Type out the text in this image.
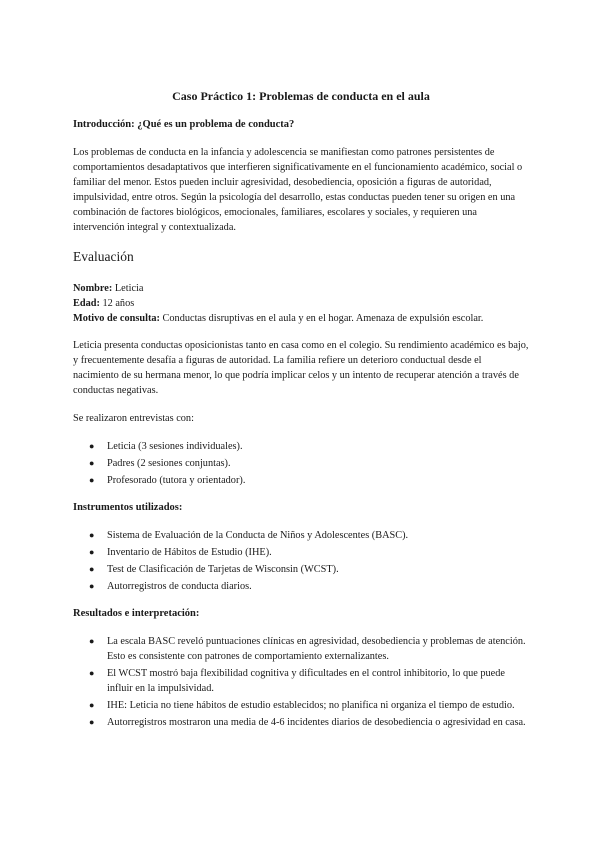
Caso Práctico 1: Problemas de conducta en el aula
Introducción: ¿Qué es un problema de conducta?

Los problemas de conducta en la infancia y adolescencia se manifiestan como patrones persistentes de comportamientos desadaptativos que interfieren significativamente en el funcionamiento académico, social o familiar del menor. Estos pueden incluir agresividad, desobediencia, oposición a figuras de autoridad, impulsividad, entre otros. Según la psicología del desarrollo, estas conductas pueden tener su origen en una combinación de factores biológicos, emocionales, familiares, escolares y sociales, y requieren una intervención integral y contextualizada.

Evaluación
Nombre: Leticia
Edad: 12 años
Motivo de consulta: Conductas disruptivas en el aula y en el hogar. Amenaza de expulsión escolar.

Leticia presenta conductas oposicionistas tanto en casa como en el colegio. Su rendimiento académico es bajo, y frecuentemente desafía a figuras de autoridad. La familia refiere un deterioro conductual desde el nacimiento de su hermana menor, lo que podría implicar celos y un intento de recuperar atención a través de conductas negativas.

Se realizaron entrevistas con:

● Leticia (3 sesiones individuales).
● Padres (2 sesiones conjuntas).
● Profesorado (tutora y orientador).
Instrumentos utilizados:
● Sistema de Evaluación de la Conducta de Niños y Adolescentes (BASC).
● Inventario de Hábitos de Estudio (IHE).
● Test de Clasificación de Tarjetas de Wisconsin (WCST).
● Autorregistros de conducta diarios.
Resultados e interpretación:
● La escala BASC reveló puntuaciones clínicas en agresividad, desobediencia y problemas de atención. Esto es consistente con patrones de comportamiento externalizantes.
● El WCST mostró baja flexibilidad cognitiva y dificultades en el control inhibitorio, lo que puede influir en la impulsividad.
● IHE: Leticia no tiene hábitos de estudio establecidos; no planifica ni organiza el tiempo de estudio.
● Autorregistros mostraron una media de 4-6 incidentes diarios de desobediencia o agresividad en casa.
